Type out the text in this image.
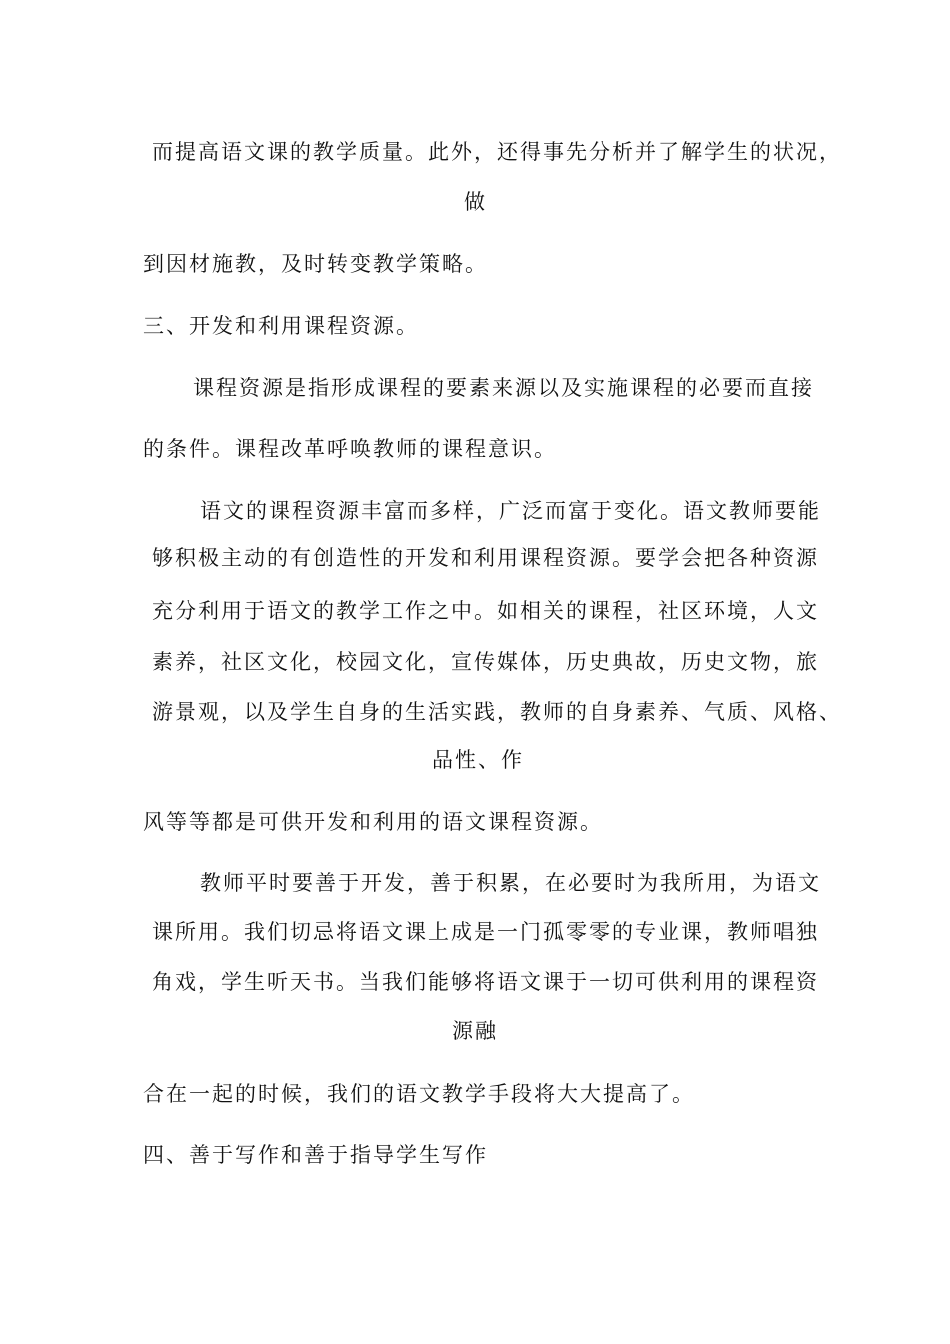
而提高语文课的教学质量。此外，还得事先分析并了解学生的状况，
做
到因材施教，及时转变教学策略。
三、开发和利用课程资源。
课程资源是指形成课程的要素来源以及实施课程的必要而直接
的条件。课程改革呼唤教师的课程意识。
语文的课程资源丰富而多样，广泛而富于变化。语文教师要能
够积极主动的有创造性的开发和利用课程资源。要学会把各种资源
充分利用于语文的教学工作之中。如相关的课程，社区环境，人文
素养，社区文化，校园文化，宣传媒体，历史典故，历史文物，旅
游景观，以及学生自身的生活实践，教师的自身素养、气质、风格、
品性、作
风等等都是可供开发和利用的语文课程资源。
教师平时要善于开发，善于积累，在必要时为我所用，为语文
课所用。我们切忌将语文课上成是一门孤零零的专业课，教师唱独
角戏，学生听天书。当我们能够将语文课于一切可供利用的课程资
源融
合在一起的时候，我们的语文教学手段将大大提高了。
四、善于写作和善于指导学生写作
